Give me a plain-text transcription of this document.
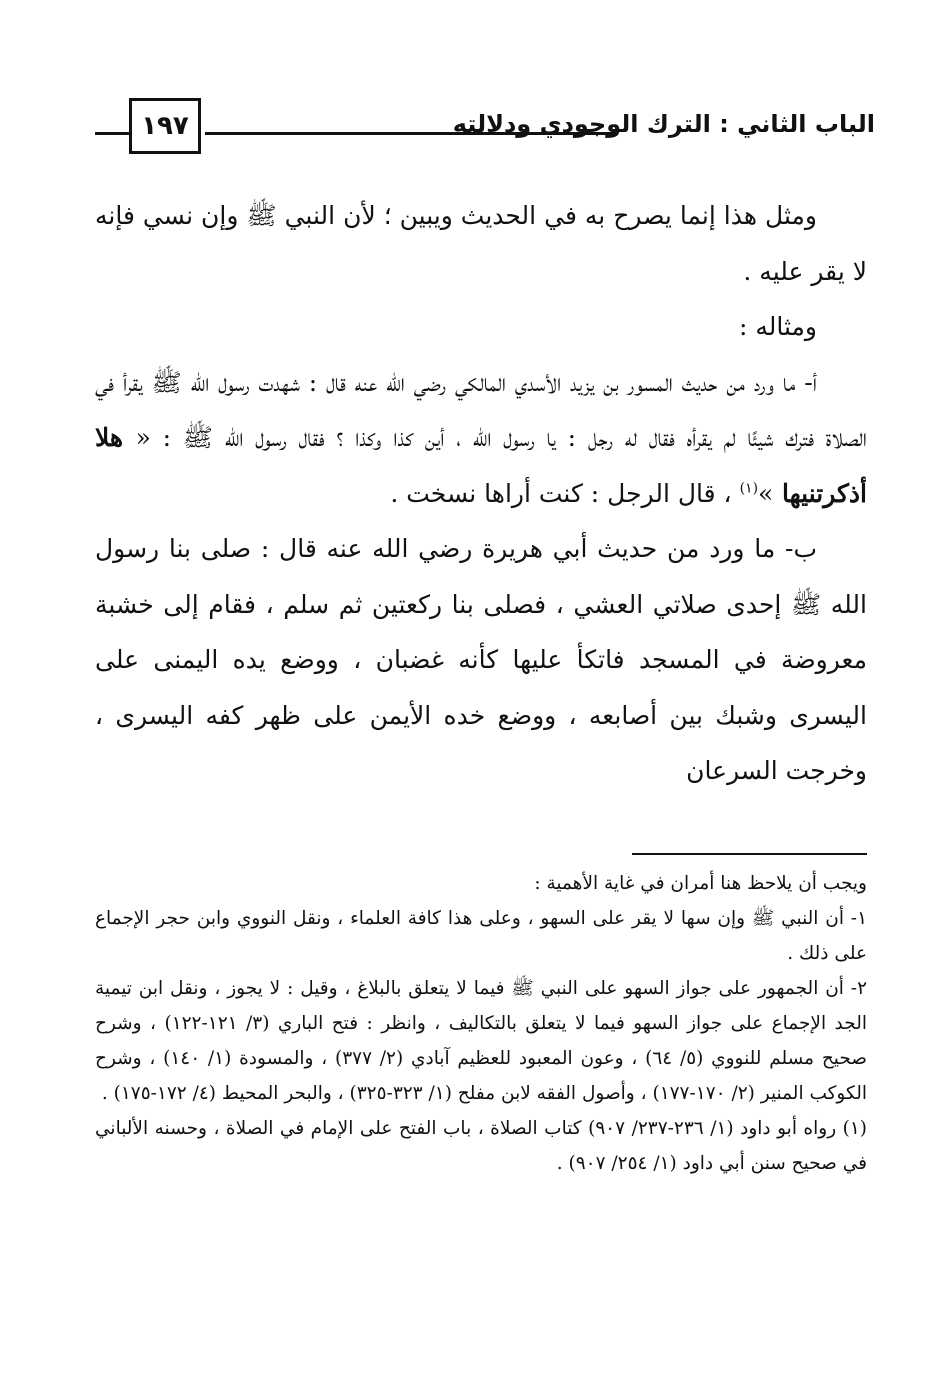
١٩٧	الباب الثاني : الترك الوجودي ودلالته

ومثل هذا إنما يصرح به في الحديث ويبين ؛ لأن النبي ﷺ وإن نسي فإنه لا يقر عليه .

ومثاله :

أ- ما ورد من حديث المسور بن يزيد الأسدي المالكي رضي الله عنه قال : شهدت رسول الله ﷺ يقرأ في الصلاة فترك شيئًا لم يقرأه فقال له رجل : يا رسول الله ، أين كذا وكذا ؟ فقال رسول الله ﷺ : « هلا أذكرتنيها »$^{(١)}$ ، قال الرجل : كنت أراها نسخت .

ب- ما ورد من حديث أبي هريرة رضي الله عنه قال : صلى بنا رسول الله ﷺ إحدى صلاتي العشي ، فصلى بنا ركعتين ثم سلم ، فقام إلى خشبة معروضة في المسجد فاتكأ عليها كأنه غضبان ، ووضع يده اليمنى على اليسرى وشبك بين أصابعه ، ووضع خده الأيمن على ظهر كفه اليسرى ، وخرجت السرعان

ويجب أن يلاحظ هنا أمران في غاية الأهمية :

١- أن النبي ﷺ وإن سها لا يقر على السهو ، وعلى هذا كافة العلماء ، ونقل النووي وابن حجر الإجماع على ذلك .

٢- أن الجمهور على جواز السهو على النبي ﷺ فيما لا يتعلق بالبلاغ ، وقيل : لا يجوز ، ونقل ابن تيمية الجد الإجماع على جواز السهو فيما لا يتعلق بالتكاليف ، وانظر : فتح الباري (٣/ ١٢١-١٢٢) ، وشرح صحيح مسلم للنووي (٥/ ٦٤) ، وعون المعبود للعظيم آبادي (٢/ ٣٧٧) ، والمسودة (١/ ١٤٠) ، وشرح الكوكب المنير (٢/ ١٧٠-١٧٧) ، وأصول الفقه لابن مفلح (١/ ٣٢٣-٣٢٥) ، والبحر المحيط (٤/ ١٧٢-١٧٥) .

(١) رواه أبو داود (١/ ٢٣٦-٢٣٧/ ٩٠٧) كتاب الصلاة ، باب الفتح على الإمام في الصلاة ، وحسنه الألباني في صحيح سنن أبي داود (١/ ٢٥٤/ ٩٠٧) .
